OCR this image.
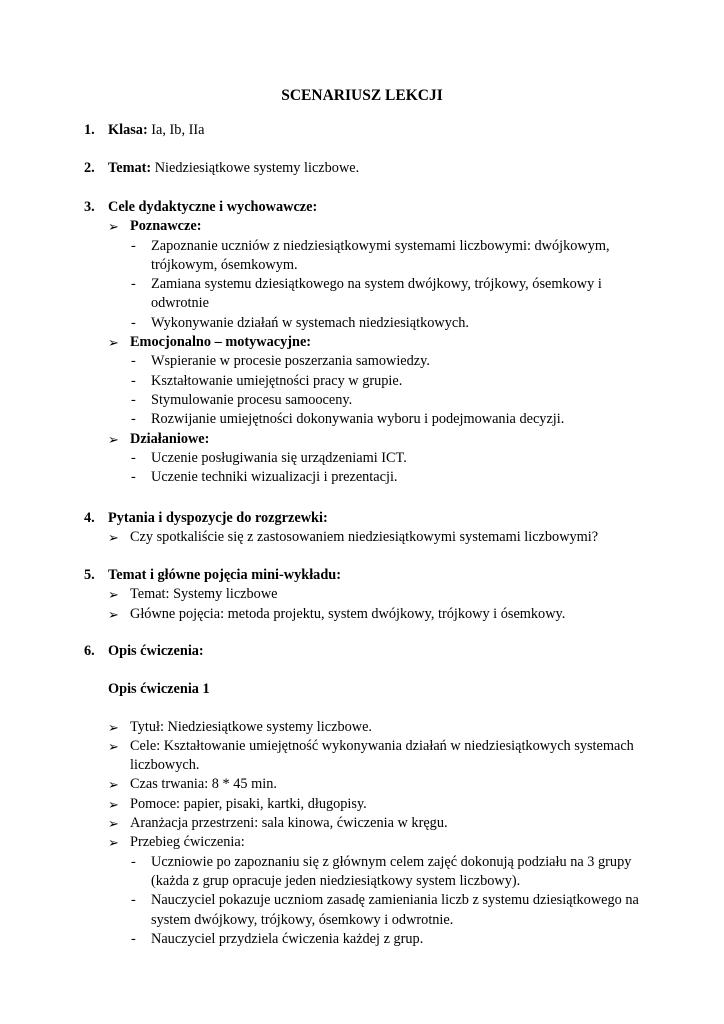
SCENARIUSZ LEKCJI
1. Klasa: Ia, Ib, IIa
2. Temat: Niedziesiątkowe systemy liczbowe.
3. Cele dydaktyczne i wychowawcze:
➢ Poznawcze:
- Zapoznanie uczniów z niedziesiątkowymi systemami liczbowymi: dwójkowym, trójkowym, ósemkowym.
- Zamiana systemu dziesiątkowego na system dwójkowy, trójkowy, ósemkowy i odwrotnie
- Wykonywanie działań w systemach niedziesiątkowych.
➢ Emocjonalno – motywacyjne:
- Wspieranie w procesie poszerzania samowiedzy.
- Kształtowanie umiejętności pracy w grupie.
- Stymulowanie procesu samooceny.
- Rozwijanie umiejętności dokonywania wyboru i podejmowania decyzji.
➢ Działaniowe:
- Uczenie posługiwania się urządzeniami ICT.
- Uczenie techniki wizualizacji i prezentacji.
4. Pytania i dyspozycje do rozgrzewki:
➢ Czy spotkaliście się z zastosowaniem niedziesiątkowymi systemami liczbowymi?
5. Temat i główne pojęcia mini-wykładu:
➢ Temat: Systemy liczbowe
➢ Główne pojęcia: metoda projektu, system dwójkowy, trójkowy i ósemkowy.
6. Opis ćwiczenia:
Opis ćwiczenia 1
➢ Tytuł: Niedziesiątkowe systemy liczbowe.
➢ Cele: Kształtowanie umiejętność wykonywania działań w niedziesiątkowych systemach liczbowych.
➢ Czas trwania: 8 * 45 min.
➢ Pomoce: papier, pisaki, kartki, długopisy.
➢ Aranżacja przestrzeni: sala kinowa, ćwiczenia w kręgu.
➢ Przebieg ćwiczenia:
- Uczniowie po zapoznaniu się z głównym celem zajęć dokonują podziału na 3 grupy (każda z grup opracuje jeden niedziesiątkowy system liczbowy).
- Nauczyciel pokazuje uczniom zasadę zamieniania liczb z systemu dziesiątkowego na system dwójkowy, trójkowy, ósemkowy i odwrotnie.
- Nauczyciel przydziela ćwiczenia każdej z grup.
